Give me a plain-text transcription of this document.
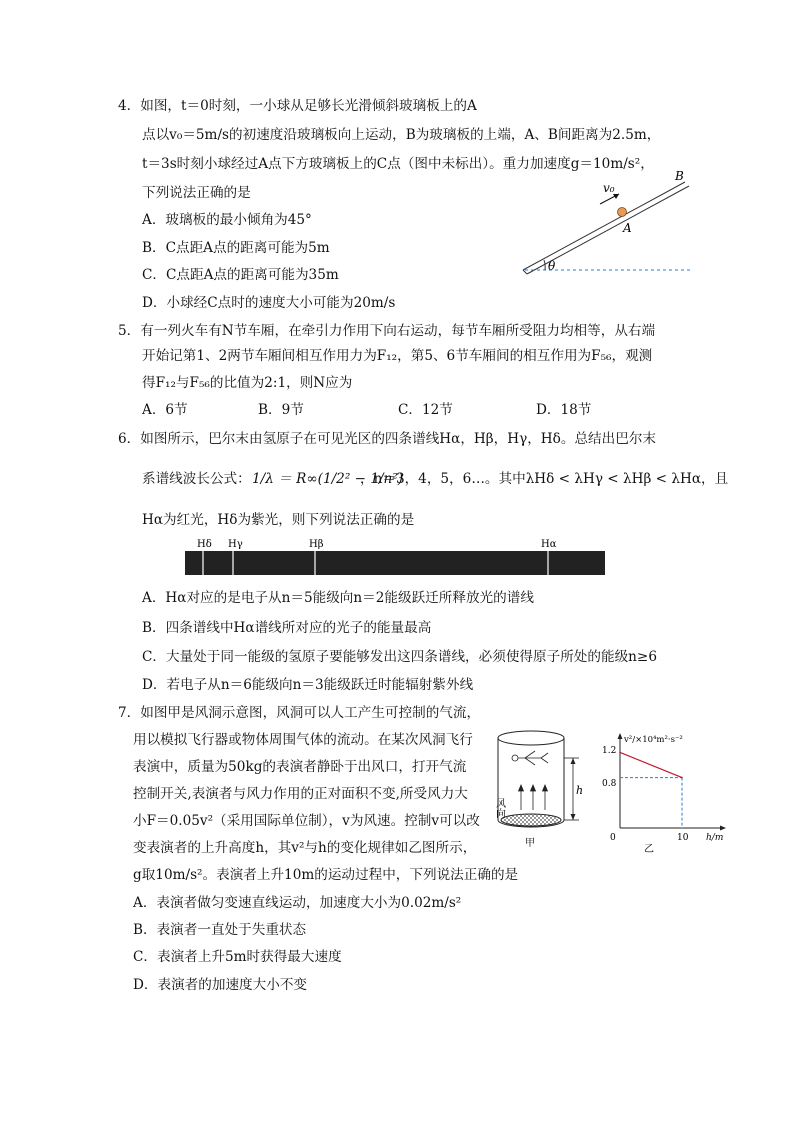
4．如图，t＝0时刻，一小球从足够长光滑倾斜玻璃板上的A
点以v₀＝5m/s的初速度沿玻璃板向上运动，B为玻璃板的上端，A、B间距离为2.5m，
t＝3s时刻小球经过A点下方玻璃板上的C点（图中未标出）。重力加速度g＝10m/s²，
下列说法正确的是
A．玻璃板的最小倾角为45°
B．C点距A点的距离可能为5m
C．C点距A点的距离可能为35m
D．小球经C点时的速度大小可能为20m/s
v₀
B
A
θ
5．有一列火车有N节车厢，在牵引力作用下向右运动，每节车厢所受阻力均相等，从右端
开始记第1、2两节车厢间相互作用力为F₁₂，第5、6节车厢间的相互作用为F₅₆，观测
得F₁₂与F₅₆的比值为2:1，则N应为
A．6节	B．9节	C．12节	D．18节
6．如图所示，巴尔末由氢原子在可见光区的四条谱线Hα，Hβ，Hγ，Hδ。总结出巴尔末
系谱线波长公式： 1/λ ＝ R∞(1/2² − 1/n²)
，n＝3，4，5，6…。其中λHδ < λHγ < λHβ < λHα，且
Hα为红光，Hδ为紫光，则下列说法正确的是
Hδ Hγ	Hβ	Hα
A．Hα对应的是电子从n＝5能级向n＝2能级跃迁所释放光的谱线
B．四条谱线中Hα谱线所对应的光子的能量最高
C．大量处于同一能级的氢原子要能够发出这四条谱线，必须使得原子所处的能级n≥6
D．若电子从n＝6能级向n＝3能级跃迁时能辐射紫外线
7．如图甲是风洞示意图，风洞可以人工产生可控制的气流，
用以模拟飞行器或物体周围气体的流动。在某次风洞飞行
表演中，质量为50kg的表演者静卧于出风口，打开气流
控制开关,表演者与风力作用的正对面积不变,所受风力大
小F＝0.05v²（采用国际单位制），v为风速。控制v可以改
变表演者的上升高度h，其v²与h的变化规律如乙图所示，
g取10m/s²。表演者上升10m的运动过程中，下列说法正确的是
A．表演者做匀变速直线运动，加速度大小为0.02m/s²
B．表演者一直处于失重状态
C．表演者上升5m时获得最大速度
D．表演者的加速度大小不变
风向
h
甲
v²/×10⁴m²·s⁻²
h/m
0	10
1.2
0.8
乙
